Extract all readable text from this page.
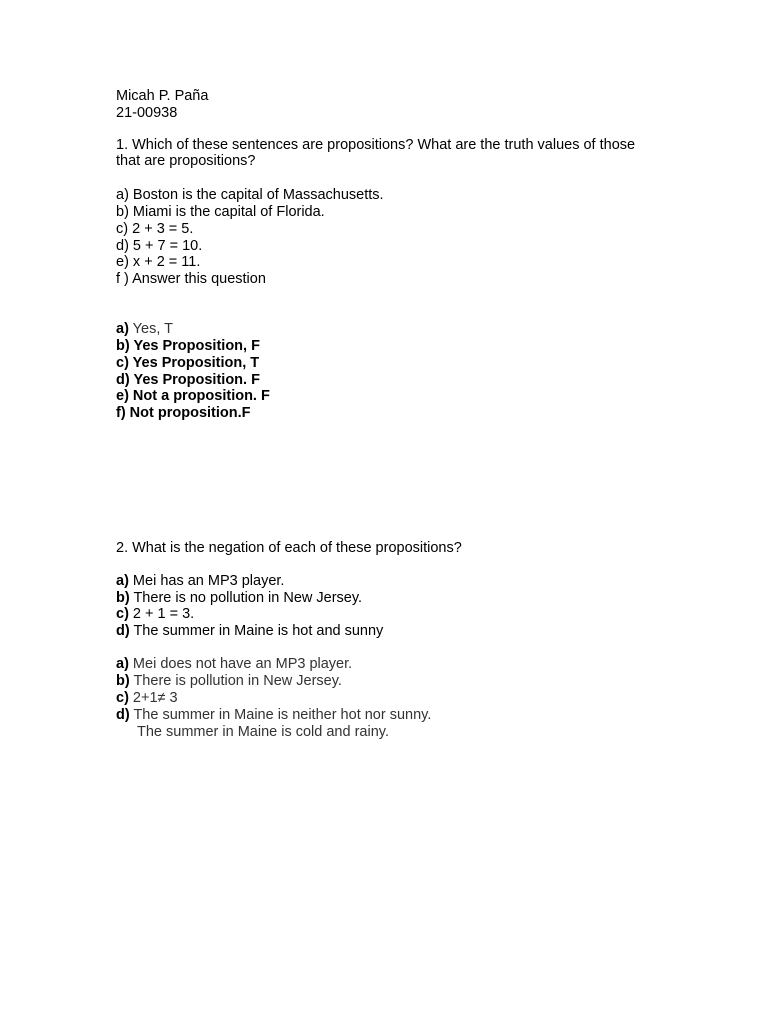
Micah P. Paña
21-00938
1. Which of these sentences are propositions? What are the truth values of those
that are propositions?
a) Boston is the capital of Massachusetts.
b) Miami is the capital of Florida.
c) 2 + 3 = 5.
d) 5 + 7 = 10.
e) x + 2 = 11.
f ) Answer this question
a) Yes, T
b) Yes Proposition, F
c) Yes Proposition, T
d) Yes Proposition. F
e) Not a proposition. F
f) Not proposition.F
2. What is the negation of each of these propositions?
a) Mei has an MP3 player.
b) There is no pollution in New Jersey.
c) 2 + 1 = 3.
d) The summer in Maine is hot and sunny
a) Mei does not have an MP3 player.
b) There is pollution in New Jersey.
c) 2+1≠ 3
d) The summer in Maine is neither hot nor sunny.
The summer in Maine is cold and rainy.
